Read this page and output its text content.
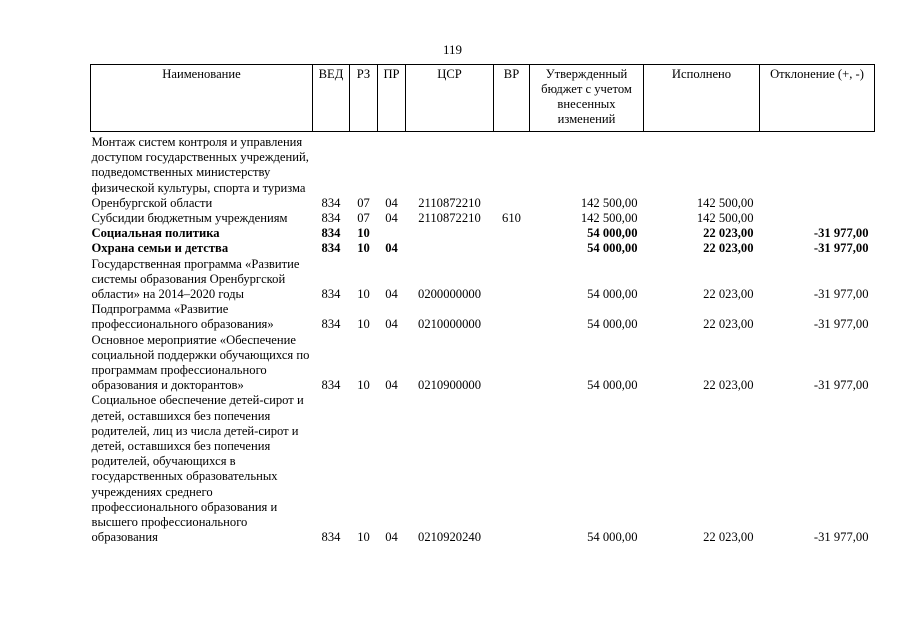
119
Наименование	ВЕД	РЗ	ПР	ЦСР	ВР	Утвержденный бюджет с учетом внесенных изменений	Исполнено	Отклонение (+, -)
Монтаж систем контроля и управления доступом государственных учреждений, подведомственных министерству физической культуры, спорта и туризма Оренбургской области	834	07	04	2110872210		142 500,00	142 500,00	
Субсидии бюджетным учреждениям	834	07	04	2110872210	610	142 500,00	142 500,00	
Социальная политика	834	10				54 000,00	22 023,00	-31 977,00
Охрана семьи и детства	834	10	04			54 000,00	22 023,00	-31 977,00
Государственная программа «Развитие системы образования Оренбургской области» на 2014–2020 годы	834	10	04	0200000000		54 000,00	22 023,00	-31 977,00
Подпрограмма «Развитие профессионального образования»	834	10	04	0210000000		54 000,00	22 023,00	-31 977,00
Основное мероприятие «Обеспечение социальной поддержки обучающихся по программам профессионального образования и докторантов»	834	10	04	0210900000		54 000,00	22 023,00	-31 977,00
Социальное обеспечение детей-сирот и детей, оставшихся без попечения родителей, лиц из числа детей-сирот и детей, оставшихся без попечения родителей, обучающихся в государственных образовательных учреждениях среднего профессионального образования и высшего профессионального образования	834	10	04	0210920240		54 000,00	22 023,00	-31 977,00
